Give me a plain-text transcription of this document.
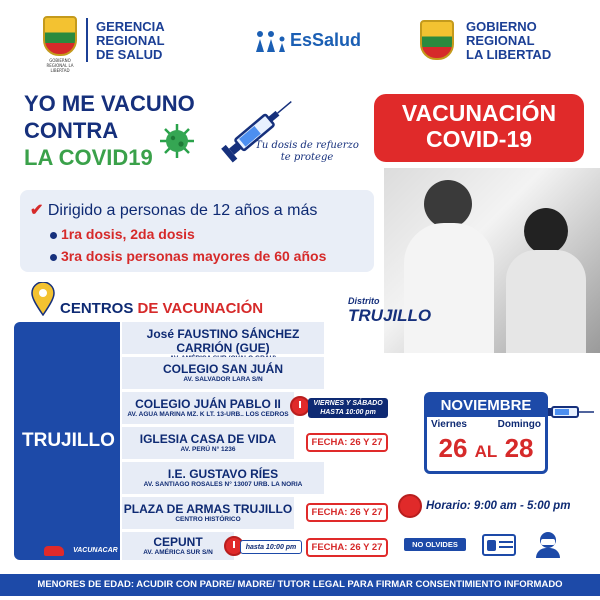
GOBIERNO REGIONAL LA LIBERTAD
GERENCIA
REGIONAL
DE SALUD
EsSalud
GOBIERNO
REGIONAL
LA LIBERTAD
YO ME VACUNO
CONTRA
LA COVID19	Tu dosis de refuerzo
te protege
VACUNACIÓN
COVID-19
✔ Dirigido a personas de 12 años a más
1ra dosis, 2da dosis
3ra dosis personas mayores de 60 años
Distrito
TRUJILLO
CENTROS DE VACUNACIÓN
TRUJILLO
José FAUSTINO SÁNCHEZ CARRIÓN (GUE)
COLEGIO SAN JUÁN
AV. SALVADOR LARA S/N
COLEGIO JUÁN PABLO II
AV. AGUA MARINA MZ. K LT. 13-URB.. LOS CEDROS
IGLESIA CASA DE VIDA
AV. PERÚ N° 1236
I.E. GUSTAVO RÍES
AV. SANTIAGO ROSALES N° 13007 URB. LA NORIA
PLAZA DE ARMAS TRUJILLO
CENTRO HISTÓRICO
CEPUNT
AV. AMÉRICA SUR S/N
VIERNES Y SÁBADO
HASTA 10:00 pm
FECHA: 26 Y 27
FECHA: 26 Y 27
FECHA: 26 Y 27
hasta 10:00 pm
VACUNACAR
NOVIEMBRE
Viernes	Domingo
26 AL 28
Horario: 9:00 am - 5:00 pm
NO OLVIDES
MENORES DE EDAD: ACUDIR CON PADRE/ MADRE/ TUTOR LEGAL PARA FIRMAR CONSENTIMIENTO INFORMADO
